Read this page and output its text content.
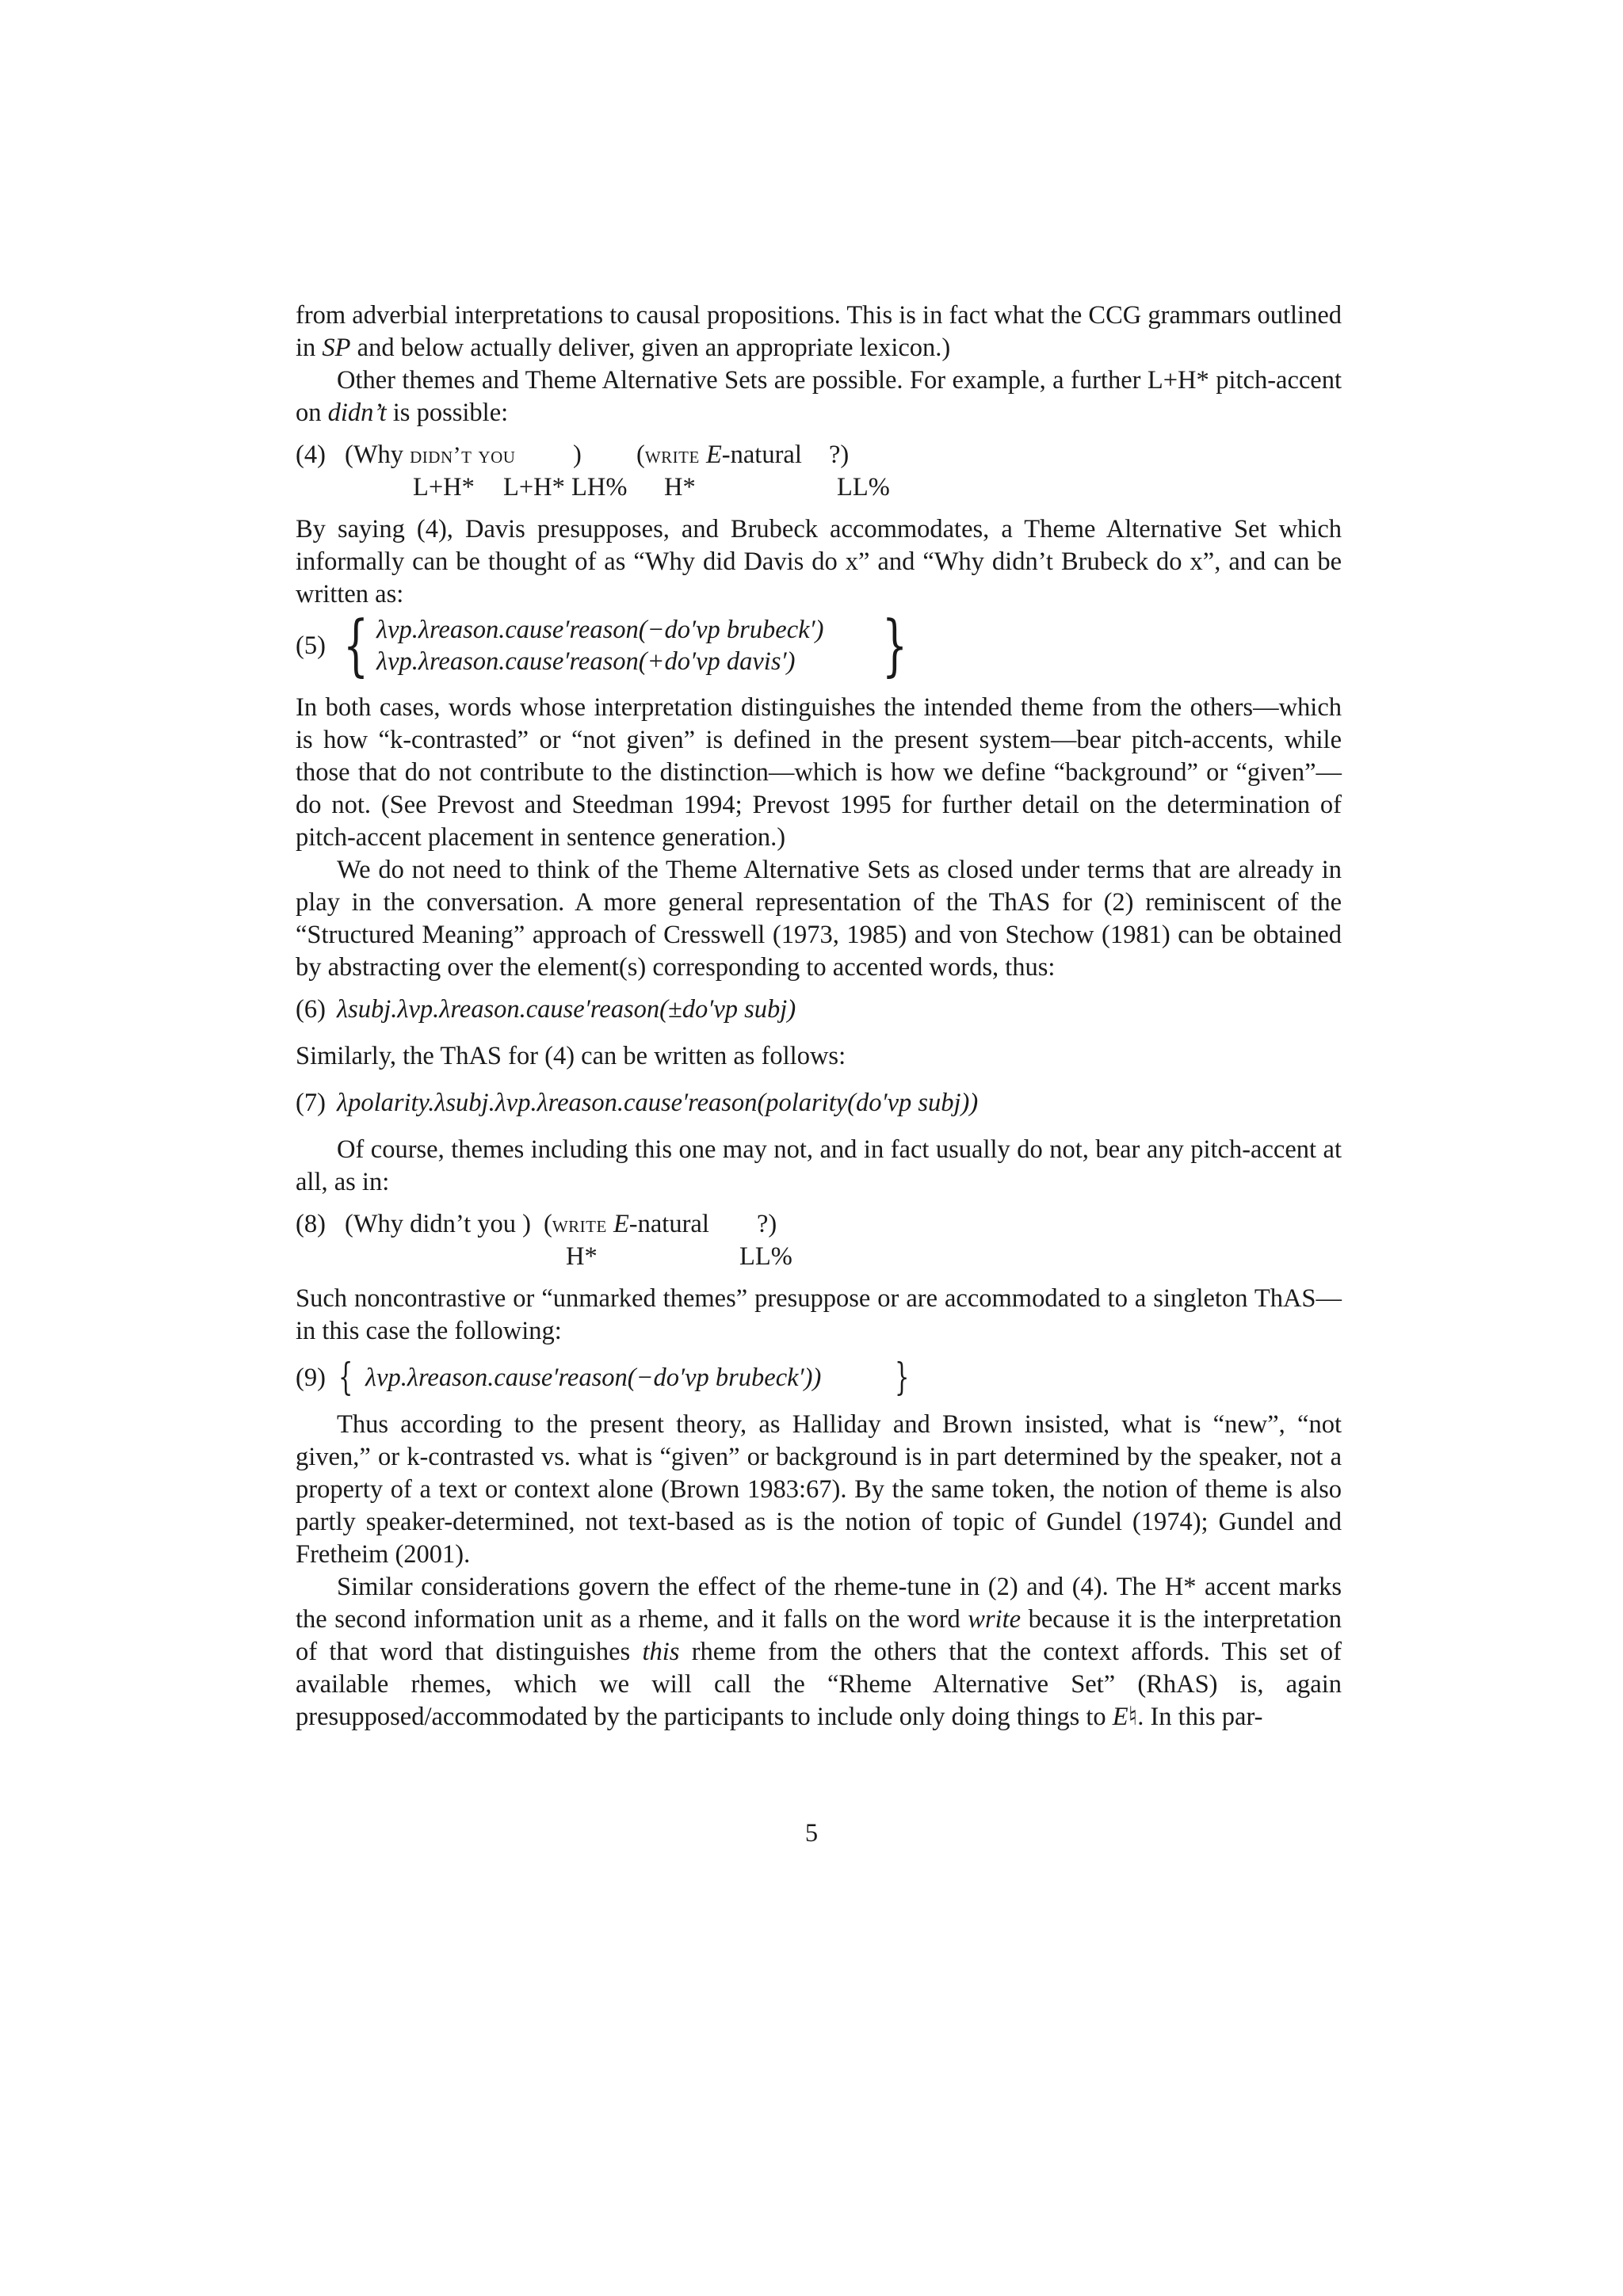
from adverbial interpretations to causal propositions. This is in fact what the CCG grammars outlined in SP and below actually deliver, given an appropriate lexicon.)

Other themes and Theme Alternative Sets are possible. For example, a further L+H* pitch-accent on didn’t is possible:

(4) (Why didn’t you ) (write E-natural ?)
L+H* L+H* LH% H*	LL%

By saying (4), Davis presupposes, and Brubeck accommodates, a Theme Alternative Set which informally can be thought of as “Why did Davis do x” and “Why didn’t Brubeck do x”, and can be written as:

(5) { λvp.λreason.cause′reason(−do′vp brubeck′)
λvp.λreason.cause′reason(+do′vp davis′)	}

In both cases, words whose interpretation distinguishes the intended theme from the others—which is how “k-contrasted” or “not given” is defined in the present system—bear pitch-accents, while those that do not contribute to the distinction—which is how we define “background” or “given”—do not. (See Prevost and Steedman 1994; Prevost 1995 for further detail on the determination of pitch-accent placement in sentence generation.)

We do not need to think of the Theme Alternative Sets as closed under terms that are already in play in the conversation. A more general representation of the ThAS for (2) reminiscent of the “Structured Meaning” approach of Cresswell (1973, 1985) and von Stechow (1981) can be obtained by abstracting over the element(s) corresponding to accented words, thus:

(6) λsubj.λvp.λreason.cause′reason(±do′vp subj)

Similarly, the ThAS for (4) can be written as follows:

(7) λpolarity.λsubj.λvp.λreason.cause′reason(polarity(do′vp subj))

Of course, themes including this one may not, and in fact usually do not, bear any pitch-accent at all, as in:

(8) (Why didn’t you ) (write E-natural ?)
H*	LL%

Such noncontrastive or “unmarked themes” presuppose or are accommodated to a singleton ThAS—in this case the following:

(9) { λvp.λreason.cause′reason(−do′vp brubeck′)) }

Thus according to the present theory, as Halliday and Brown insisted, what is “new”, “not given,” or k-contrasted vs. what is “given” or background is in part determined by the speaker, not a property of a text or context alone (Brown 1983:67). By the same token, the notion of theme is also partly speaker-determined, not text-based as is the notion of topic of Gundel (1974); Gundel and Fretheim (2001).

Similar considerations govern the effect of the rheme-tune in (2) and (4). The H* accent marks the second information unit as a rheme, and it falls on the word write because it is the interpretation of that word that distinguishes this rheme from the others that the context affords. This set of available rhemes, which we will call the “Rheme Alternative Set” (RhAS) is, again presupposed/accommodated by the participants to include only doing things to E♮. In this par-

5
